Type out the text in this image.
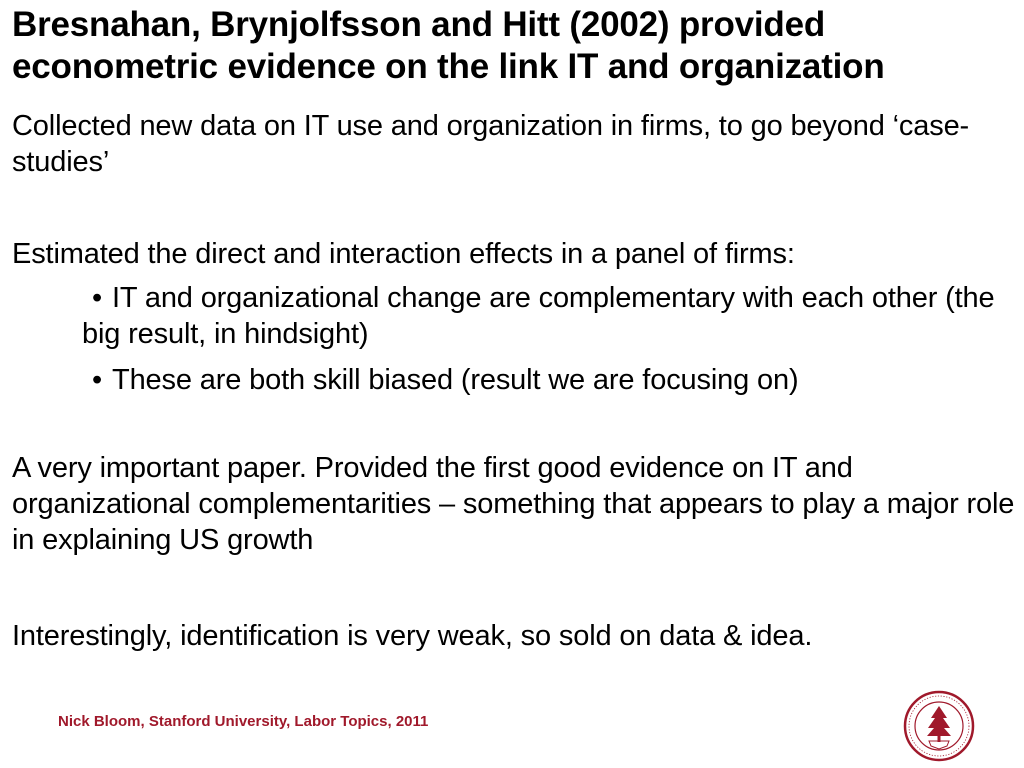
Bresnahan, Brynjolfsson and Hitt (2002) provided
econometric evidence on the link IT and organization

Collected new data on IT use and organization in firms, to go beyond ‘case-studies’

Estimated the direct and interaction effects in a panel of firms:

• IT and organizational change are complementary with each other (the big result, in hindsight)
• These are both skill biased (result we are focusing on)

A very important paper. Provided the first good evidence on IT and organizational complementarities – something that appears to play a major role in explaining US growth

Interestingly, identification is very weak, so sold on data & idea.

Nick Bloom, Stanford University, Labor Topics, 2011
